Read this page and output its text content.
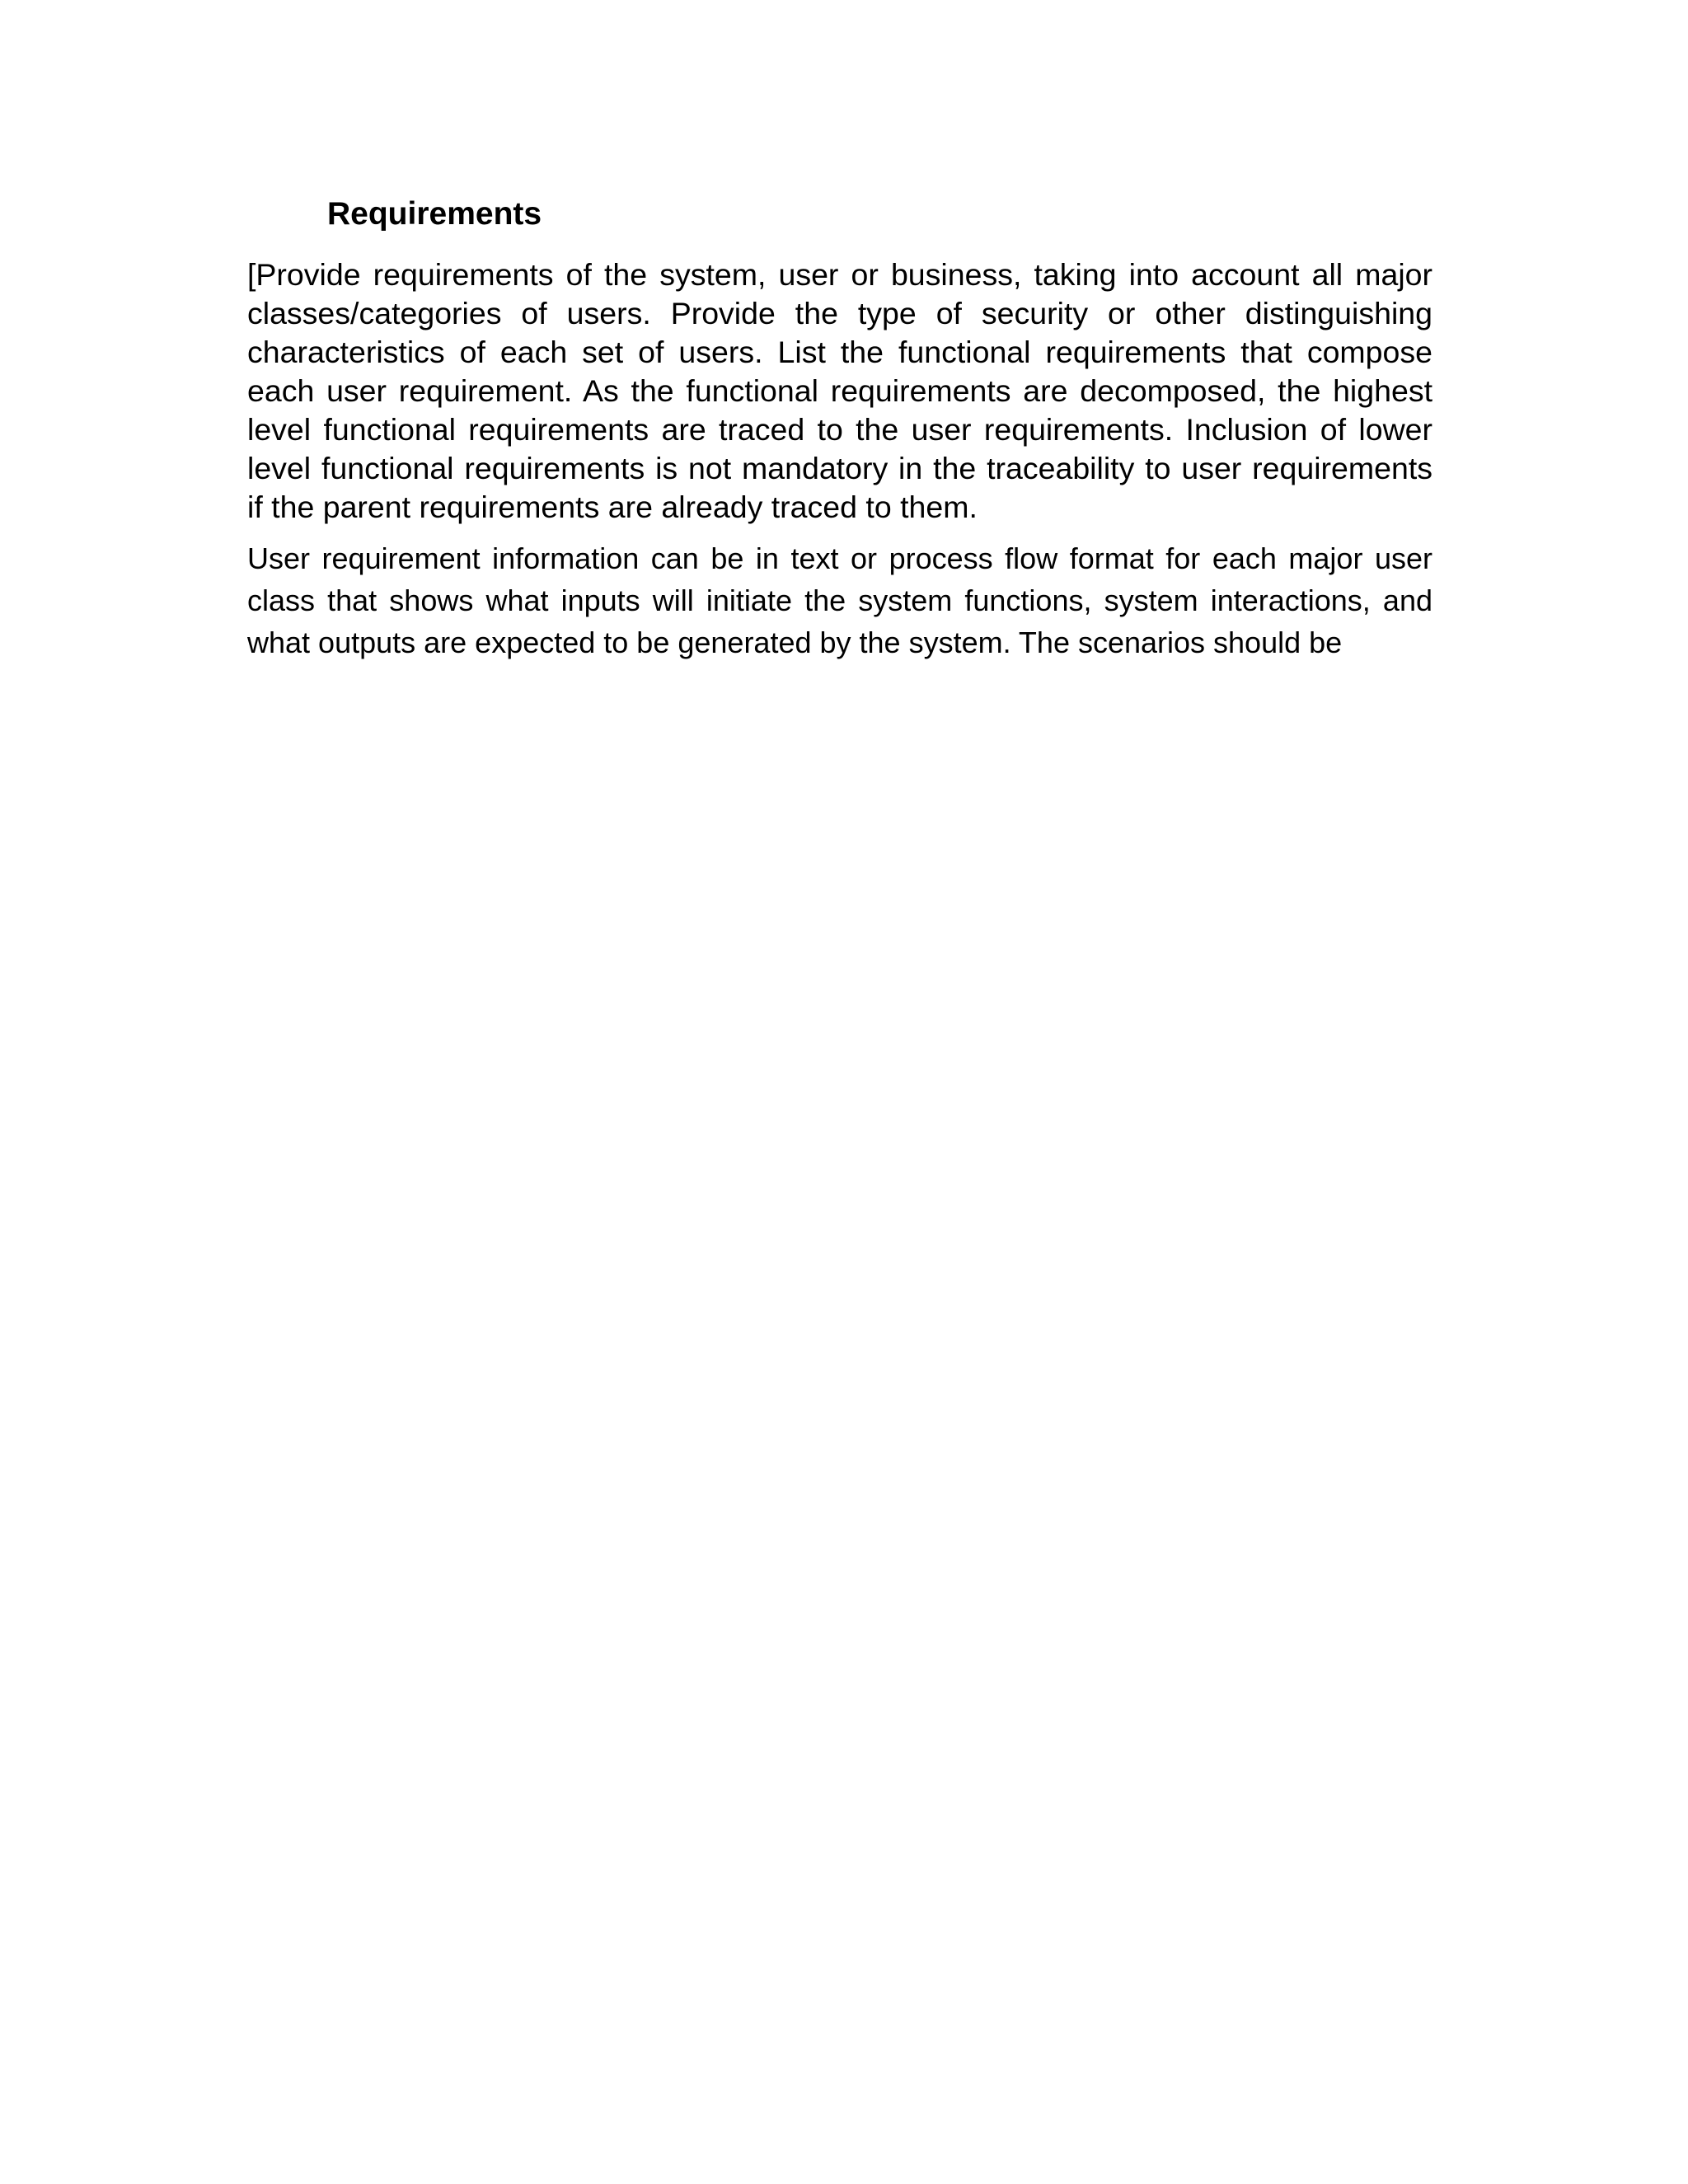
Requirements

[Provide requirements of the system, user or business, taking into account all major classes/categories of users. Provide the type of security or other distinguishing characteristics of each set of users. List the functional requirements that compose each user requirement. As the functional requirements are decomposed, the highest level functional requirements are traced to the user requirements. Inclusion of lower level functional requirements is not mandatory in the traceability to user requirements if the parent requirements are already traced to them.

User requirement information can be in text or process flow format for each major user class that shows what inputs will initiate the system functions, system interactions, and what outputs are expected to be generated by the system. The scenarios should be
